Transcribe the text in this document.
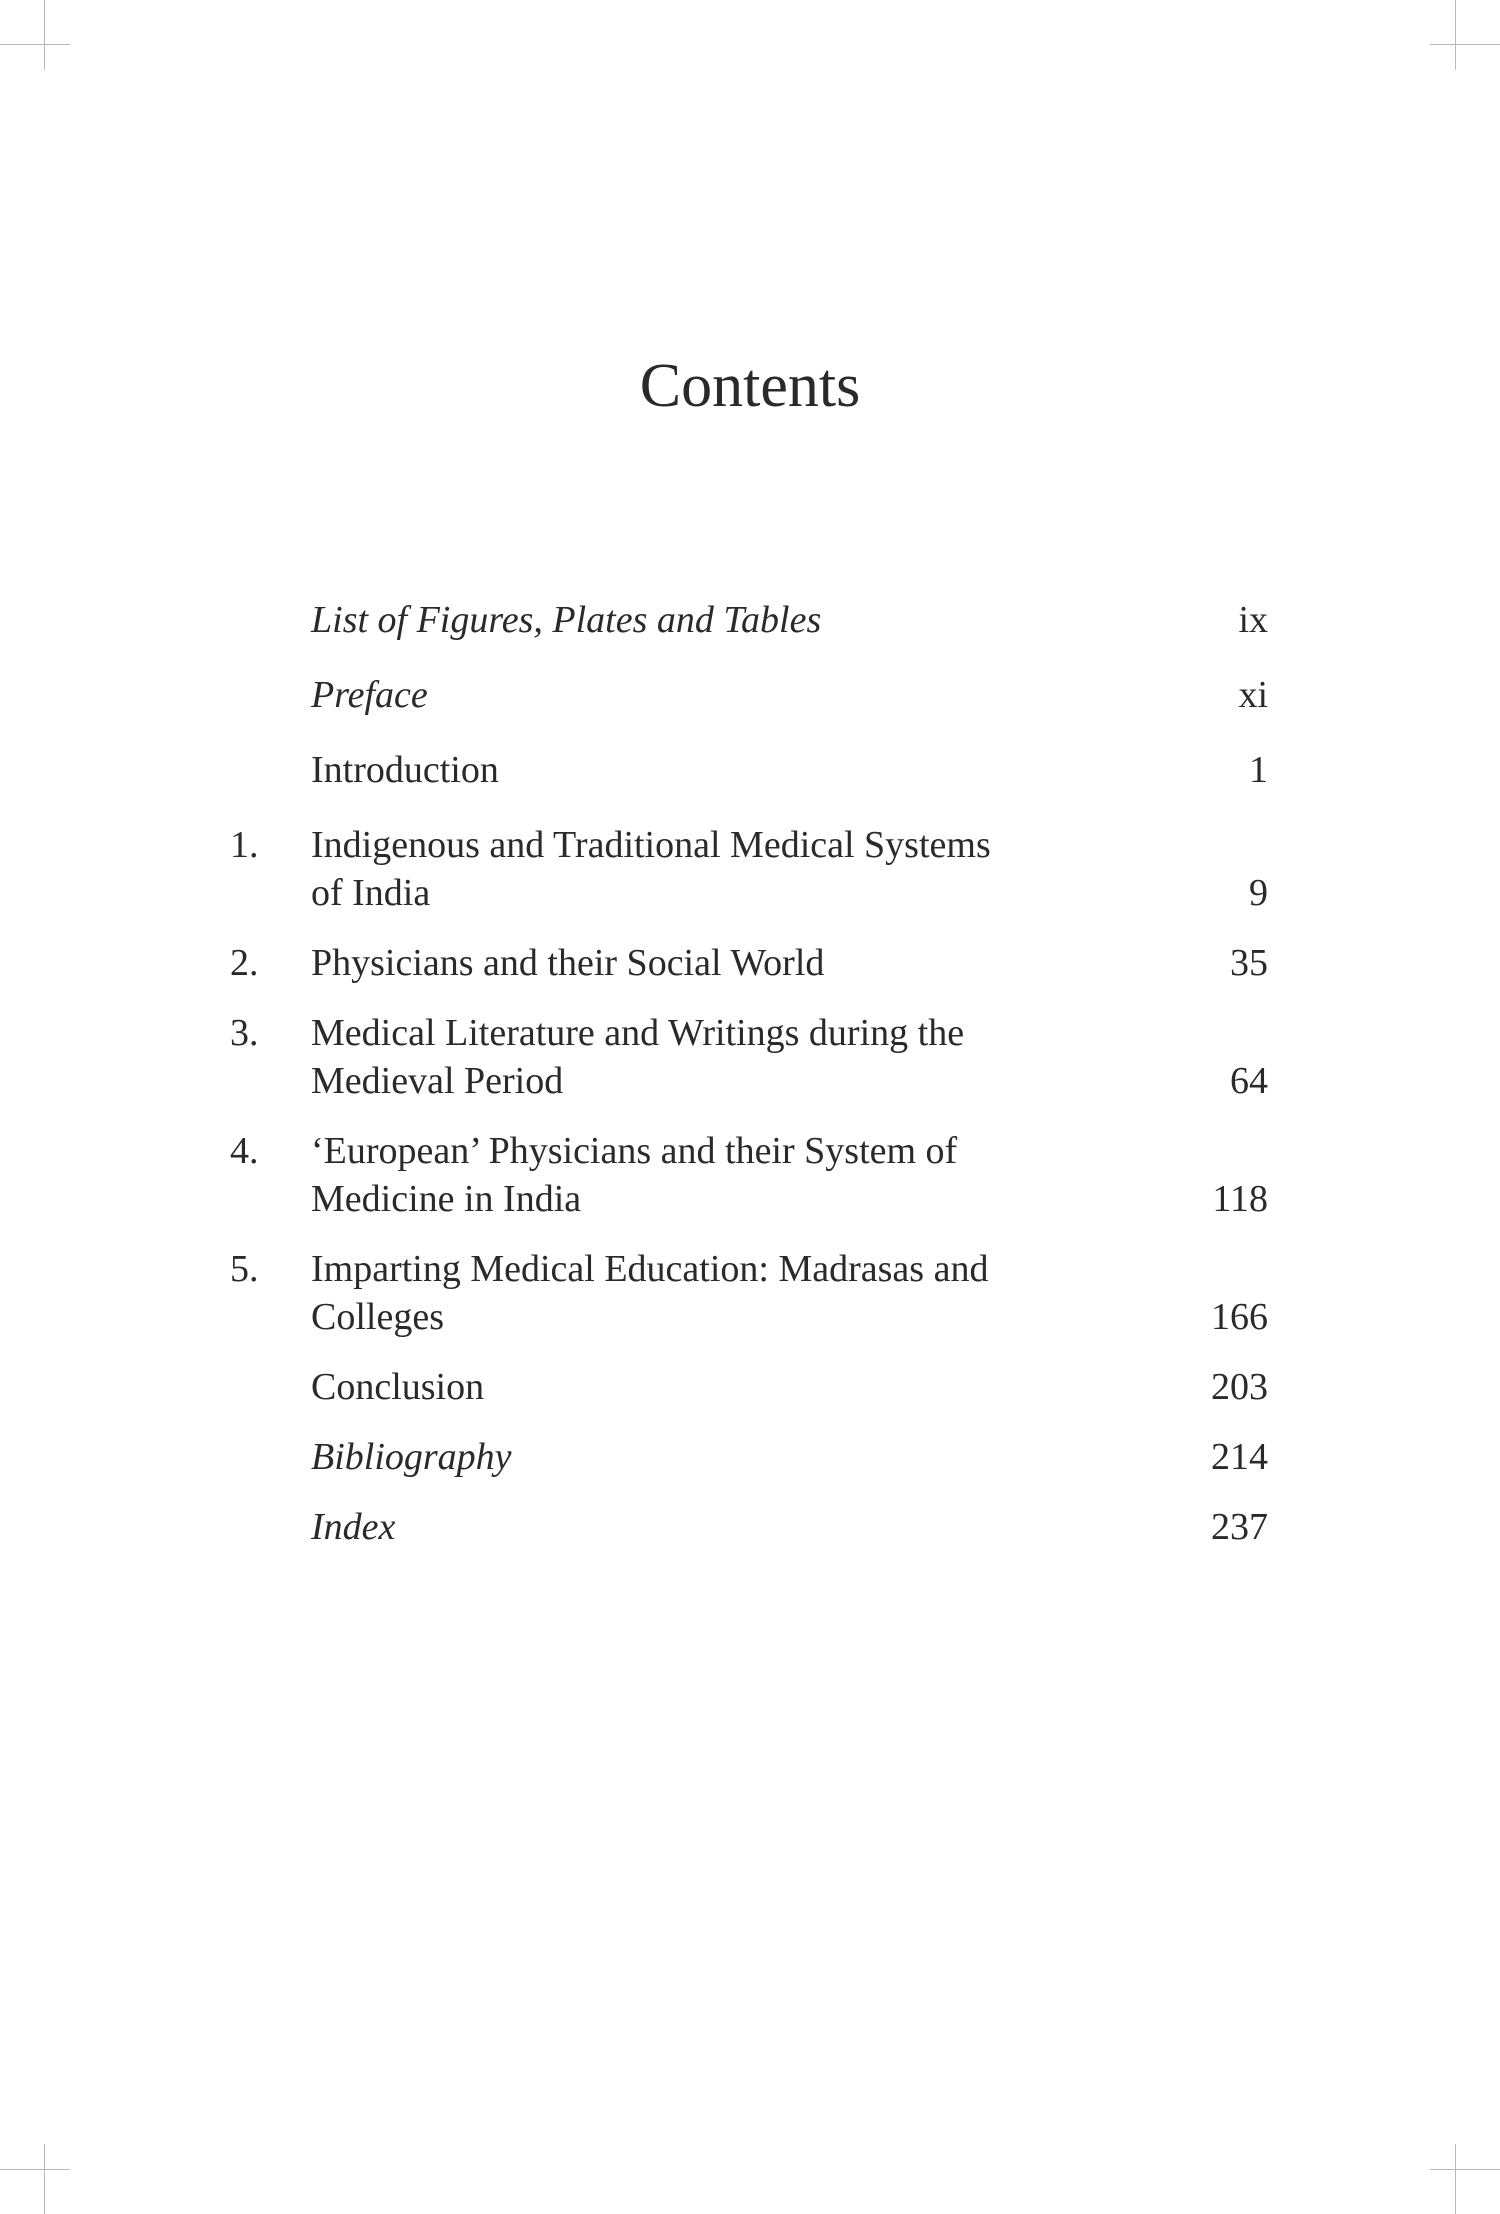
Contents
List of Figures, Plates and Tables	ix
Preface	xi
Introduction	1
1.	Indigenous and Traditional Medical Systems
of India	9
2.	Physicians and their Social World	35
3.	Medical Literature and Writings during the
Medieval Period	64
4.	‘European’ Physicians and their System of
Medicine in India	118
5.	Imparting Medical Education: Madrasas and
Colleges	166
Conclusion	203
Bibliography	214
Index	237
